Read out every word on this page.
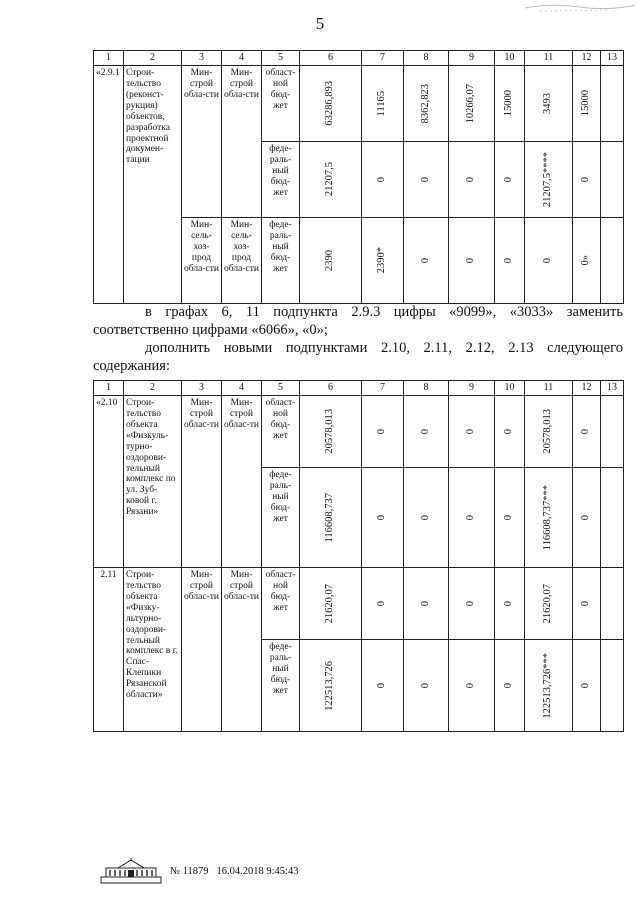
5
1	2	3	4	5	6	7	8	9	10	11	12	13
«2.9.1	Строи-тельство (реконст-рукция) объектов, разработка проектной докумен-тации	Мин-строй обла-сти	Мин-строй обла-сти	област-ной бюд-жет	63286,893	11165	8362,823	10266,07	15000	3493	15000	

				феде-раль-ный бюд-жет	21207,5	0	0	0	0	21207,5****	0	

		Мин-сель-хоз-прод обла-сти	Мин-сель-хоз-прод обла-сти	феде-раль-ный бюд-жет	2390	2390*	0	0	0	0	0»	

в графах 6, 11 подпункта 2.9.3 цифры «9099», «3033» заменить соответственно цифрами «6066», «0»;
дополнить новыми подпунктами 2.10, 2.11, 2.12, 2.13 следующего содержания:
1	2	3	4	5	6	7	8	9	10	11	12	13
«2.10	Строи-тельство объекта «Физкуль-турно-оздорови-тельный комплекс по ул. Зуб-ковой г. Рязани»	Мин-строй облас-ти	Мин-строй облас-ти	област-ной бюд-жет	20578,013	0	0	0	0	20578,013	0	

				феде-раль-ный бюд-жет	116608,737	0	0	0	0	116608,737***	0	

2.11	Строи-тельство объекта «Физку-льтурно-оздорови-тельный комплекс в г. Спас-Клепики Рязанской области»	Мин-строй облас-ти	Мин-строй облас-ти	област-ной бюд-жет	21620,07	0	0	0	0	21620,07	0	

				феде-раль-ный бюд-жет	122513,726	0	0	0	0	122513,726***	0	

№ 11879 16.04.2018 9:45:43
